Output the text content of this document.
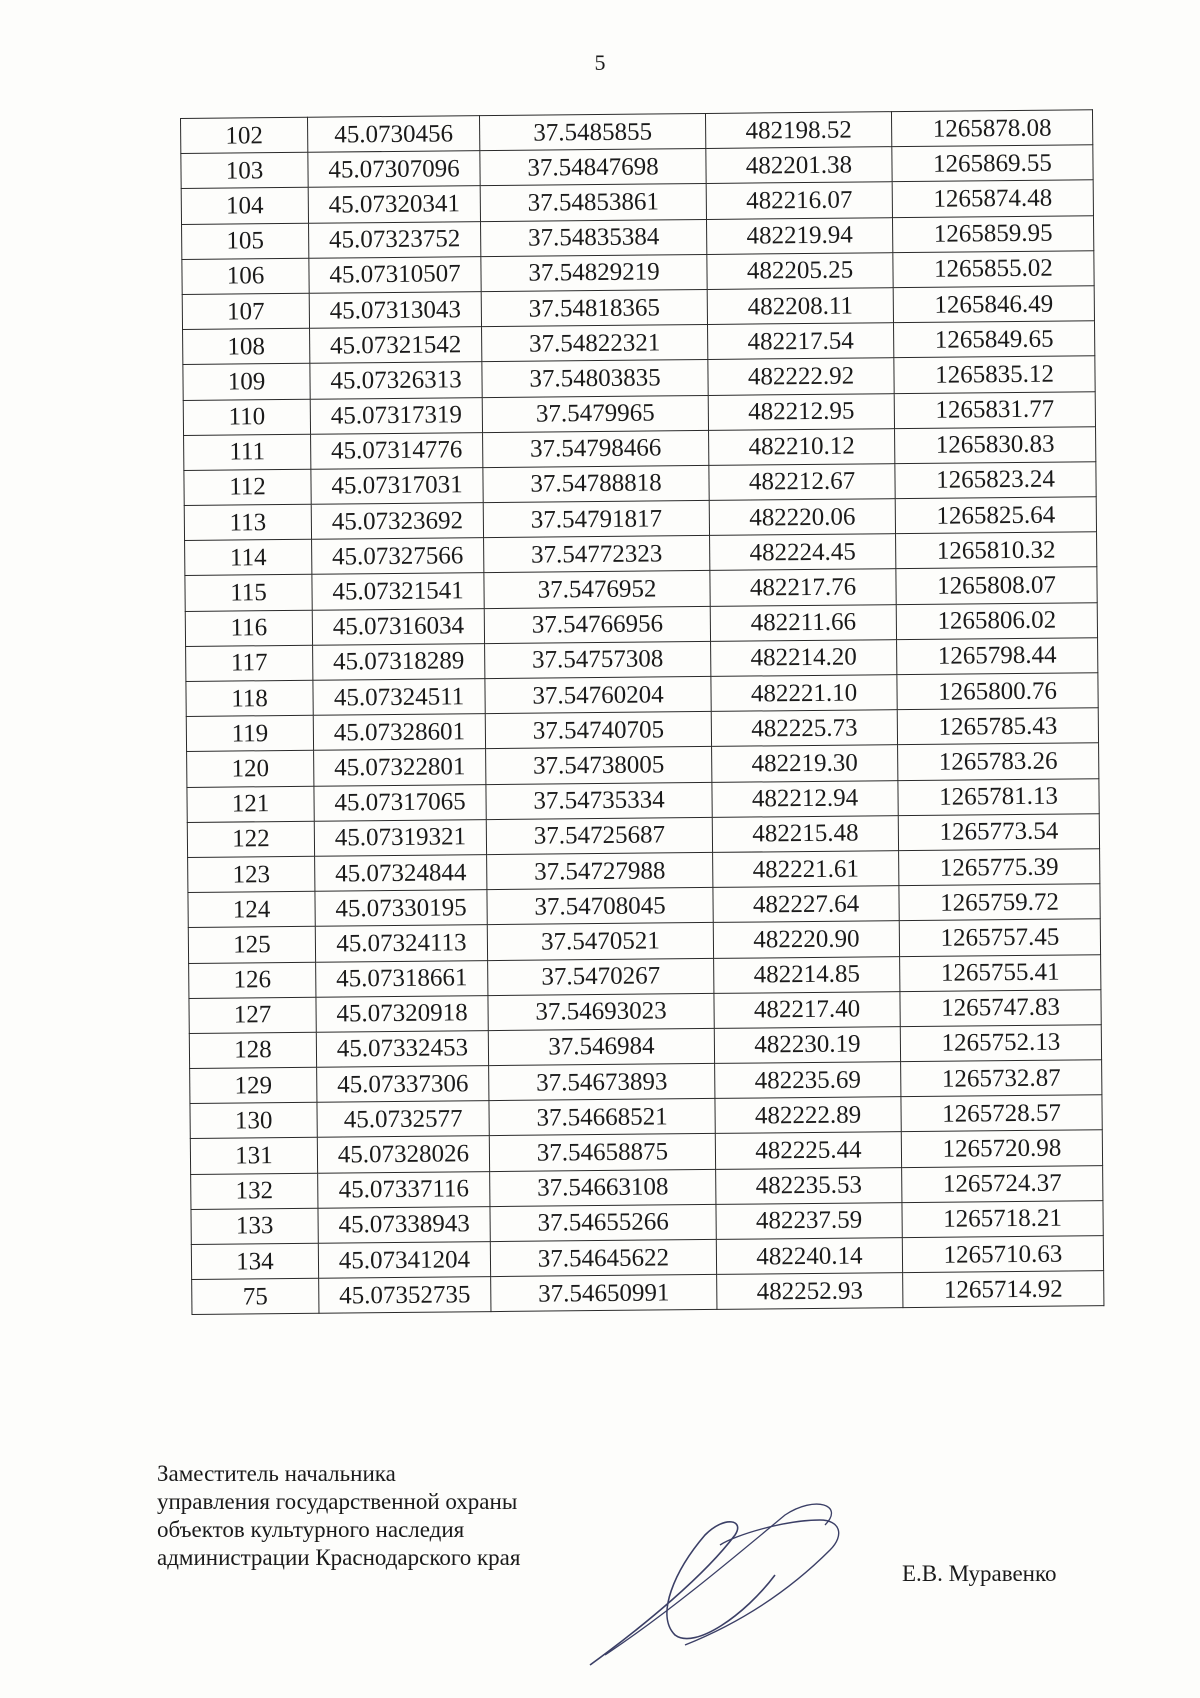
5
102	45.0730456	37.5485855	482198.52	1265878.08
103	45.07307096	37.54847698	482201.38	1265869.55
104	45.07320341	37.54853861	482216.07	1265874.48
105	45.07323752	37.54835384	482219.94	1265859.95
106	45.07310507	37.54829219	482205.25	1265855.02
107	45.07313043	37.54818365	482208.11	1265846.49
108	45.07321542	37.54822321	482217.54	1265849.65
109	45.07326313	37.54803835	482222.92	1265835.12
110	45.07317319	37.5479965	482212.95	1265831.77
111	45.07314776	37.54798466	482210.12	1265830.83
112	45.07317031	37.54788818	482212.67	1265823.24
113	45.07323692	37.54791817	482220.06	1265825.64
114	45.07327566	37.54772323	482224.45	1265810.32
115	45.07321541	37.5476952	482217.76	1265808.07
116	45.07316034	37.54766956	482211.66	1265806.02
117	45.07318289	37.54757308	482214.20	1265798.44
118	45.07324511	37.54760204	482221.10	1265800.76
119	45.07328601	37.54740705	482225.73	1265785.43
120	45.07322801	37.54738005	482219.30	1265783.26
121	45.07317065	37.54735334	482212.94	1265781.13
122	45.07319321	37.54725687	482215.48	1265773.54
123	45.07324844	37.54727988	482221.61	1265775.39
124	45.07330195	37.54708045	482227.64	1265759.72
125	45.07324113	37.5470521	482220.90	1265757.45
126	45.07318661	37.5470267	482214.85	1265755.41
127	45.07320918	37.54693023	482217.40	1265747.83
128	45.07332453	37.546984	482230.19	1265752.13
129	45.07337306	37.54673893	482235.69	1265732.87
130	45.0732577	37.54668521	482222.89	1265728.57
131	45.07328026	37.54658875	482225.44	1265720.98
132	45.07337116	37.54663108	482235.53	1265724.37
133	45.07338943	37.54655266	482237.59	1265718.21
134	45.07341204	37.54645622	482240.14	1265710.63
75	45.07352735	37.54650991	482252.93	1265714.92
Заместитель начальника
управления государственной охраны
объектов культурного наследия
администрации Краснодарского края
Е.В. Муравенко
